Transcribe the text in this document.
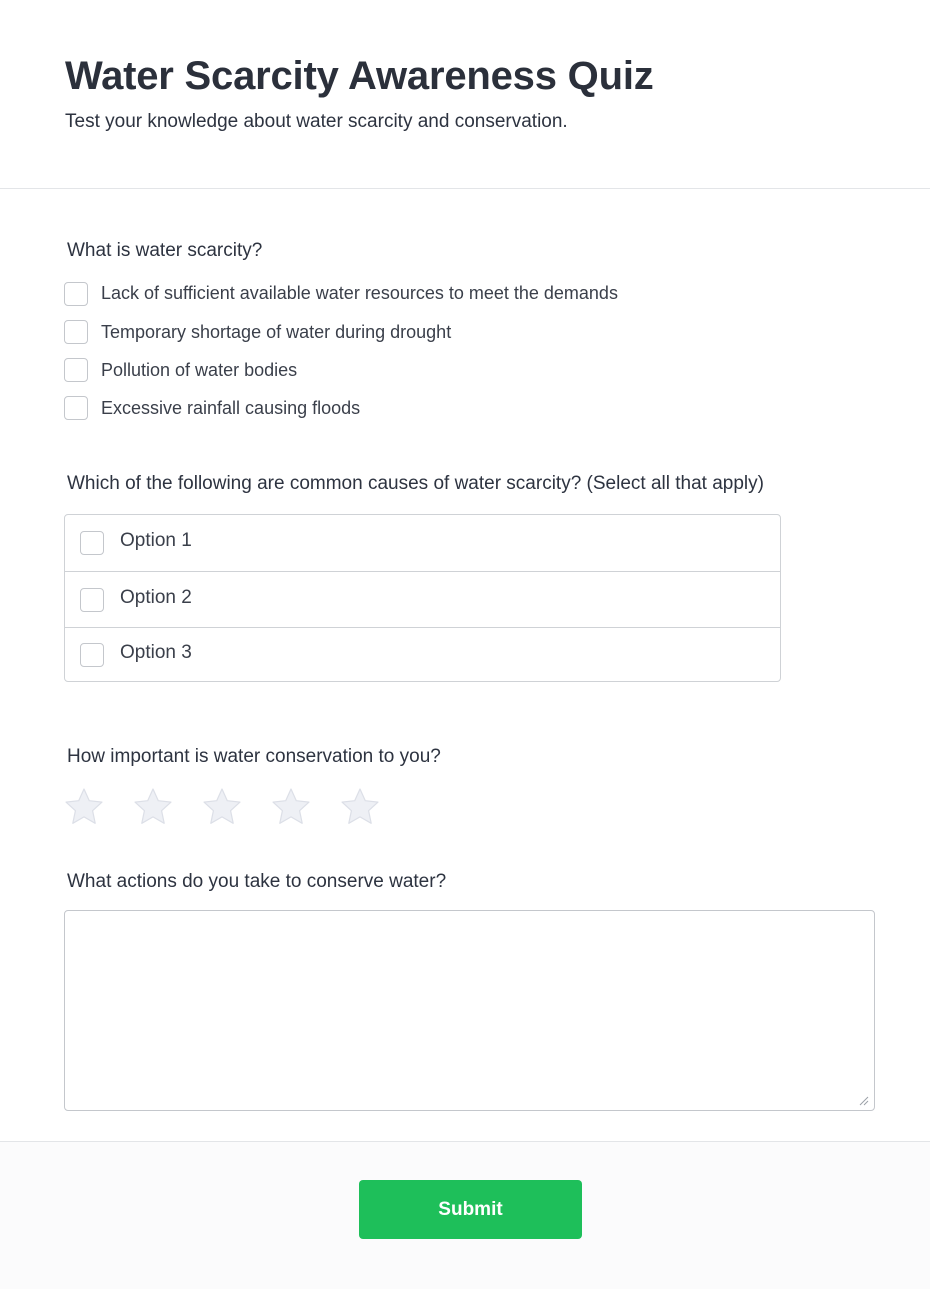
Water Scarcity Awareness Quiz
Test your knowledge about water scarcity and conservation.
What is water scarcity?
Lack of sufficient available water resources to meet the demands
Temporary shortage of water during drought
Pollution of water bodies
Excessive rainfall causing floods
Which of the following are common causes of water scarcity? (Select all that apply)
Option 1
Option 2
Option 3
How important is water conservation to you?
What actions do you take to conserve water?
Submit
